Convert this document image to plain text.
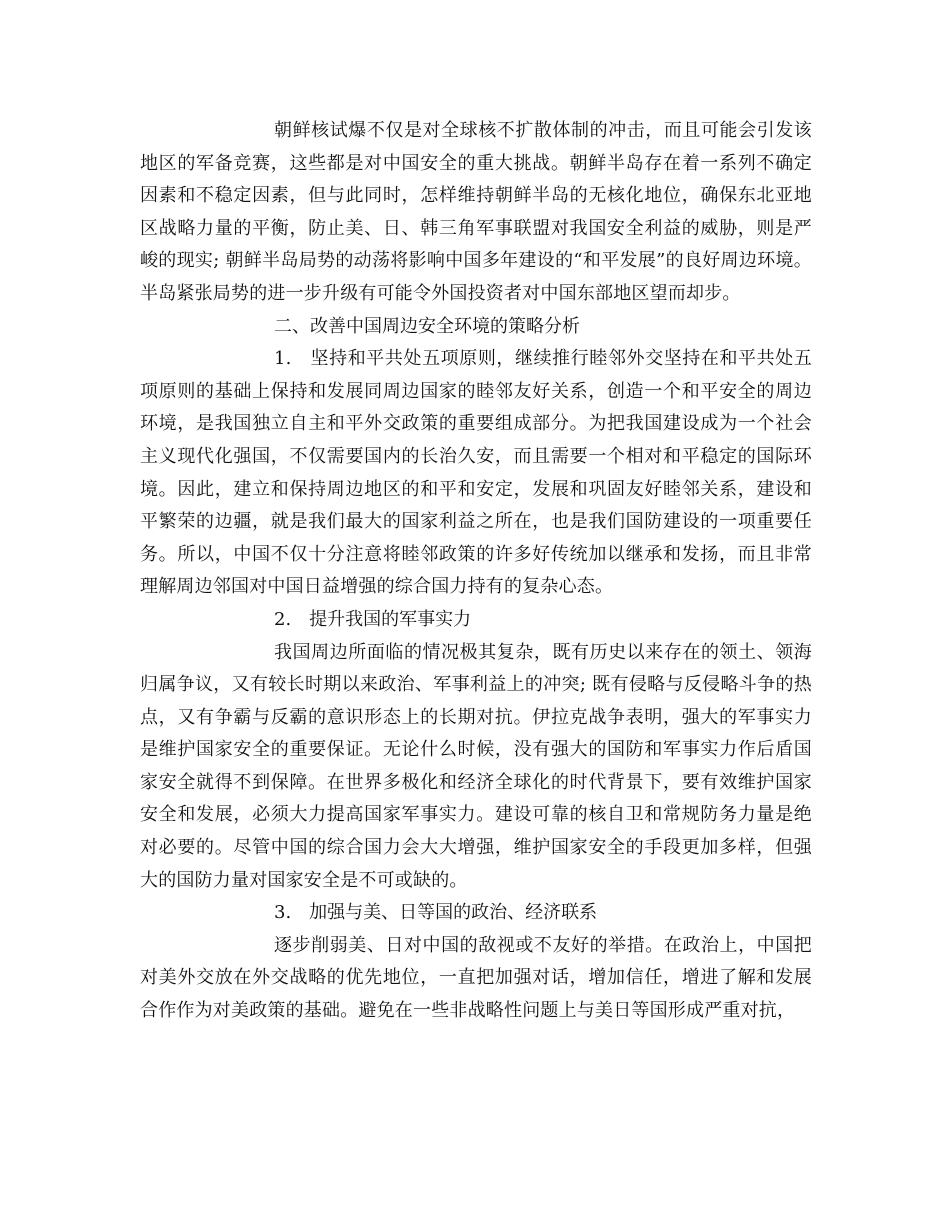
朝鲜核试爆不仅是对全球核不扩散体制的冲击，而且可能会引发该地区的军备竞赛，这些都是对中国安全的重大挑战。朝鲜半岛存在着一系列不确定因素和不稳定因素，但与此同时，怎样维持朝鲜半岛的无核化地位，确保东北亚地区战略力量的平衡，防止美、日、韩三角军事联盟对我国安全利益的威胁，则是严峻的现实; 朝鲜半岛局势的动荡将影响中国多年建设的“和平发展”的良好周边环境。半岛紧张局势的进一步升级有可能令外国投资者对中国东部地区望而却步。

二、改善中国周边安全环境的策略分析

1.　坚持和平共处五项原则，继续推行睦邻外交坚持在和平共处五项原则的基础上保持和发展同周边国家的睦邻友好关系，创造一个和平安全的周边环境，是我国独立自主和平外交政策的重要组成部分。为把我国建设成为一个社会主义现代化强国，不仅需要国内的长治久安，而且需要一个相对和平稳定的国际环境。因此，建立和保持周边地区的和平和安定，发展和巩固友好睦邻关系，建设和平繁荣的边疆，就是我们最大的国家利益之所在，也是我们国防建设的一项重要任务。所以，中国不仅十分注意将睦邻政策的许多好传统加以继承和发扬，而且非常理解周边邻国对中国日益增强的综合国力持有的复杂心态。

2.　提升我国的军事实力

我国周边所面临的情况极其复杂，既有历史以来存在的领土、领海归属争议，又有较长时期以来政治、军事利益上的冲突; 既有侵略与反侵略斗争的热点，又有争霸与反霸的意识形态上的长期对抗。伊拉克战争表明，强大的军事实力是维护国家安全的重要保证。无论什么时候，没有强大的国防和军事实力作后盾国家安全就得不到保障。在世界多极化和经济全球化的时代背景下，要有效维护国家安全和发展，必须大力提高国家军事实力。建设可靠的核自卫和常规防务力量是绝对必要的。尽管中国的综合国力会大大增强，维护国家安全的手段更加多样，但强大的国防力量对国家安全是不可或缺的。

3.　加强与美、日等国的政治、经济联系

逐步削弱美、日对中国的敌视或不友好的举措。在政治上，中国把对美外交放在外交战略的优先地位，一直把加强对话，增加信任，增进了解和发展合作作为对美政策的基础。避免在一些非战略性问题上与美日等国形成严重对抗，
